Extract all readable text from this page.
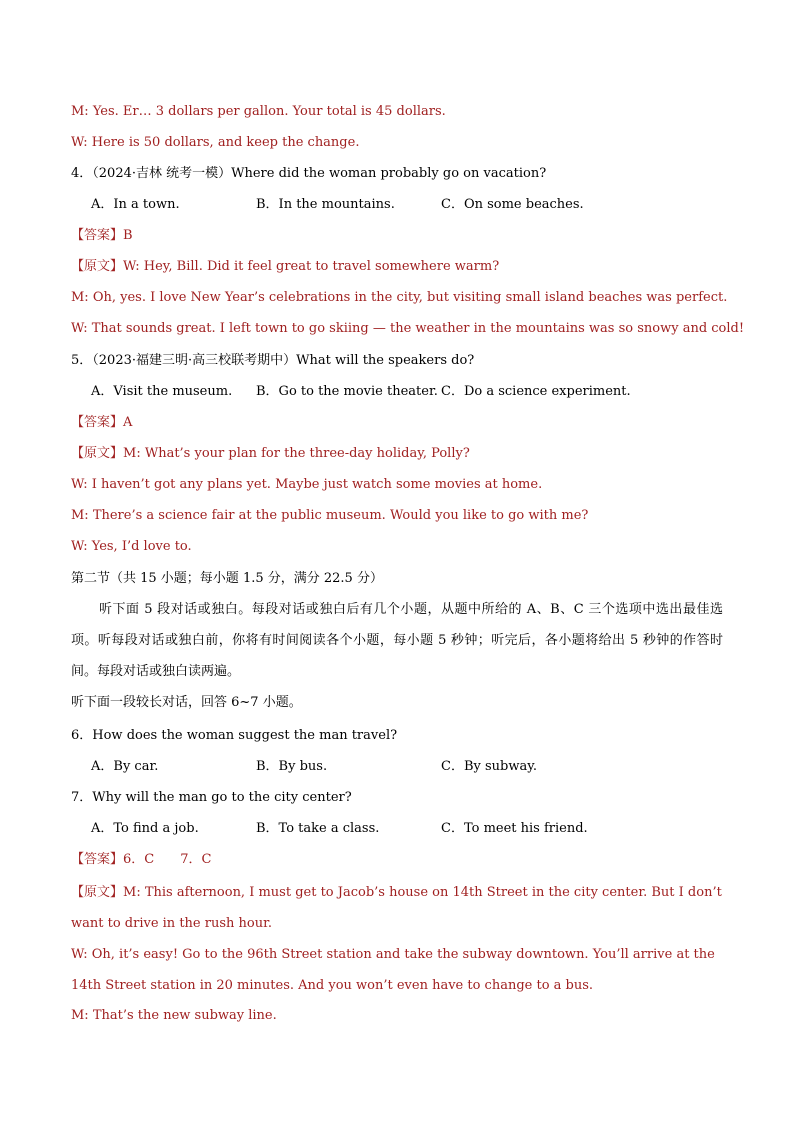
M: Yes. Er… 3 dollars per gallon. Your total is 45 dollars.
W: Here is 50 dollars, and keep the change.
4．（2024·吉林 统考一模）Where did the woman probably go on vacation?
A．In a town.	B．In the mountains.	C．On some beaches.
【答案】B
【原文】W: Hey, Bill. Did it feel great to travel somewhere warm?
M: Oh, yes. I love New Year’s celebrations in the city, but visiting small island beaches was perfect.
W: That sounds great. I left town to go skiing — the weather in the mountains was so snowy and cold!
5．（2023·福建三明·高三校联考期中）What will the speakers do?
A．Visit the museum. B．Go to the movie theater. C．Do a science experiment.
【答案】A
【原文】M: What’s your plan for the three-day holiday, Polly?
W: I haven’t got any plans yet. Maybe just watch some movies at home.
M: There’s a science fair at the public museum. Would you like to go with me?
W: Yes, I’d love to.
第二节（共 15 小题；每小题 1.5 分，满分 22.5 分）
听下面 5 段对话或独白。每段对话或独白后有几个小题，从题中所给的 A、B、C 三个选项中选出最佳选项。听每段对话或独白前，你将有时间阅读各个小题，每小题 5 秒钟；听完后，各小题将给出 5 秒钟的作答时间。每段对话或独白读两遍。
听下面一段较长对话，回答 6~7 小题。
6．How does the woman suggest the man travel?
A．By car.	B．By bus.	C．By subway.
7．Why will the man go to the city center?
A．To find a job.	B．To take a class.	C．To meet his friend.
【答案】6．C　　7．C
【原文】M: This afternoon, I must get to Jacob’s house on 14th Street in the city center. But I don’t want to drive in the rush hour.
W: Oh, it’s easy! Go to the 96th Street station and take the subway downtown. You’ll arrive at the 14th Street station in 20 minutes. And you won’t even have to change to a bus.
M: That’s the new subway line.
